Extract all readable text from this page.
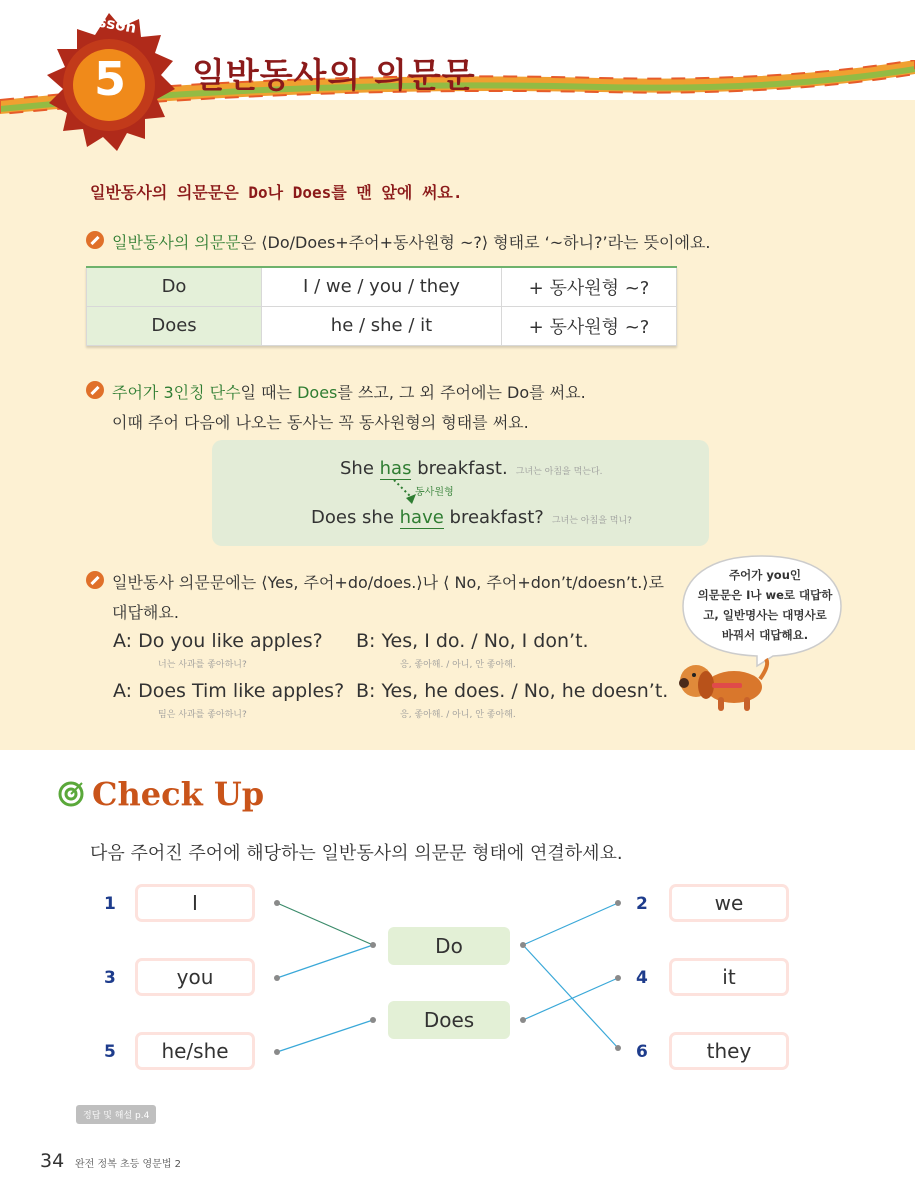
Lesson
5 일반동사의 의문문
일반동사의 의문문은 Do나 Does를 맨 앞에 써요.
일반동사의 의문문은 ⟨Do/Does+주어+동사원형 ~?⟩ 형태로 ‘~하니?’라는 뜻이에요.
Do	I / we / you / they	+ 동사원형 ~?
Does	he / she / it	+ 동사원형 ~?
주어가 3인칭 단수일 때는 Does를 쓰고, 그 외 주어에는 Do를 써요.
이때 주어 다음에 나오는 동사는 꼭 동사원형의 형태를 써요.
She has breakfast. 그녀는 아침을 먹는다.
동사원형
Does she have breakfast? 그녀는 아침을 먹니?
일반동사 의문문에는 ⟨Yes, 주어+do/does.⟩나 ⟨ No, 주어+don’t/doesn’t.⟩로
대답해요.
A: Do you like apples?
너는 사과를 좋아하니?
B: Yes, I do. / No, I don’t.
응, 좋아해. / 아니, 안 좋아해.
A: Does Tim like apples?
팀은 사과를 좋아하니?
B: Yes, he does. / No, he doesn’t.
응, 좋아해. / 아니, 안 좋아해.
주어가 you인
의문문은 I나 we로 대답하
고, 일반명사는 대명사로
바꿔서 대답해요.
Check Up
다음 주어진 주어에 해당하는 일반동사의 의문문 형태에 연결하세요.
1	I
3	you
5	he/she
Do
Does
2	we
4	it
6	they
정답 및 해설 p.4
34 완전 정복 초등 영문법 2
